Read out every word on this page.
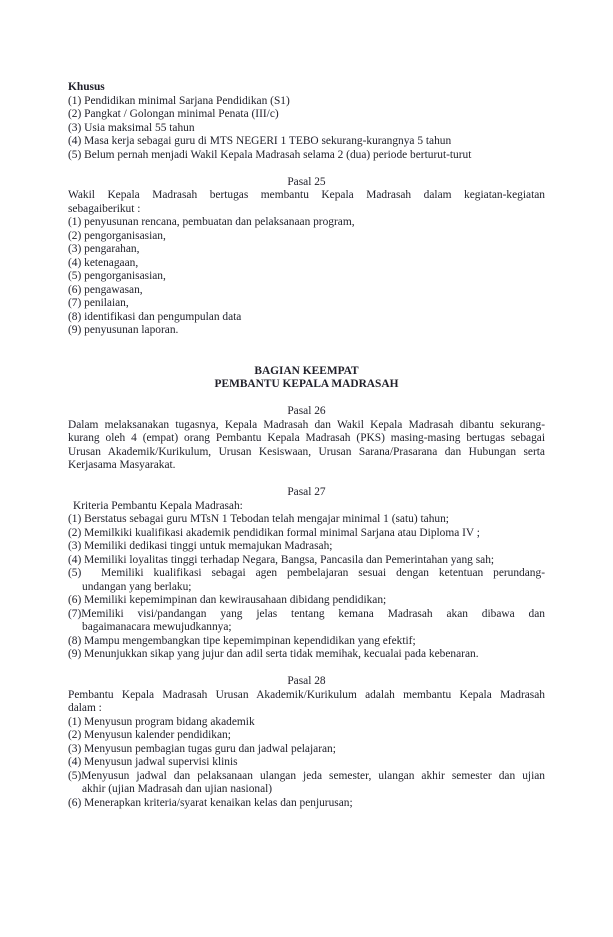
Khusus
(1) Pendidikan minimal Sarjana Pendidikan (S1)
(2) Pangkat / Golongan minimal Penata (III/c)
(3) Usia maksimal 55 tahun
(4) Masa kerja sebagai guru di MTS NEGERI 1 TEBO sekurang-kurangnya 5 tahun
(5) Belum pernah menjadi Wakil Kepala Madrasah selama 2 (dua) periode berturut-turut
Pasal 25
Wakil Kepala Madrasah bertugas membantu Kepala Madrasah dalam kegiatan-kegiatan
sebagaiberikut :
(1) penyusunan rencana, pembuatan dan pelaksanaan program,
(2) pengorganisasian,
(3) pengarahan,
(4) ketenagaan,
(5) pengorganisasian,
(6) pengawasan,
(7) penilaian,
(8) identifikasi dan pengumpulan data
(9) penyusunan laporan.
BAGIAN KEEMPAT
PEMBANTU KEPALA MADRASAH
Pasal 26
Dalam melaksanakan tugasnya, Kepala Madrasah dan Wakil Kepala Madrasah dibantu sekurang-
kurang oleh 4 (empat) orang Pembantu Kepala Madrasah (PKS) masing-masing bertugas sebagai
Urusan Akademik/Kurikulum, Urusan Kesiswaan, Urusan Sarana/Prasarana dan Hubungan serta
Kerjasama Masyarakat.
Pasal 27
Kriteria Pembantu Kepala Madrasah:
(1) Berstatus sebagai guru MTsN 1 Tebodan telah mengajar minimal 1 (satu) tahun;
(2) Memilkiki kualifikasi akademik pendidikan formal minimal Sarjana atau Diploma IV ;
(3) Memiliki dedikasi tinggi untuk memajukan Madrasah;
(4) Memiliki loyalitas tinggi terhadap Negara, Bangsa, Pancasila dan Pemerintahan yang sah;
(5)  Memiliki kualifikasi sebagai agen pembelajaran sesuai dengan ketentuan perundang-
undangan yang berlaku;
(6) Memiliki kepemimpinan dan kewirausahaan dibidang pendidikan;
(7)Memiliki visi/pandangan yang jelas tentang kemana Madrasah akan dibawa dan
bagaimanacara mewujudkannya;
(8) Mampu mengembangkan tipe kepemimpinan kependidikan yang efektif;
(9) Menunjukkan sikap yang jujur dan adil serta tidak memihak, kecualai pada kebenaran.
Pasal 28
Pembantu Kepala Madrasah Urusan Akademik/Kurikulum adalah membantu Kepala Madrasah
dalam :
(1) Menyusun program bidang akademik
(2) Menyusun kalender pendidikan;
(3) Menyusun pembagian tugas guru dan jadwal pelajaran;
(4) Menyusun jadwal supervisi klinis
(5)Menyusun jadwal dan pelaksanaan ulangan jeda semester, ulangan akhir semester dan ujian
akhir (ujian Madrasah dan ujian nasional)
(6) Menerapkan kriteria/syarat kenaikan kelas dan penjurusan;
